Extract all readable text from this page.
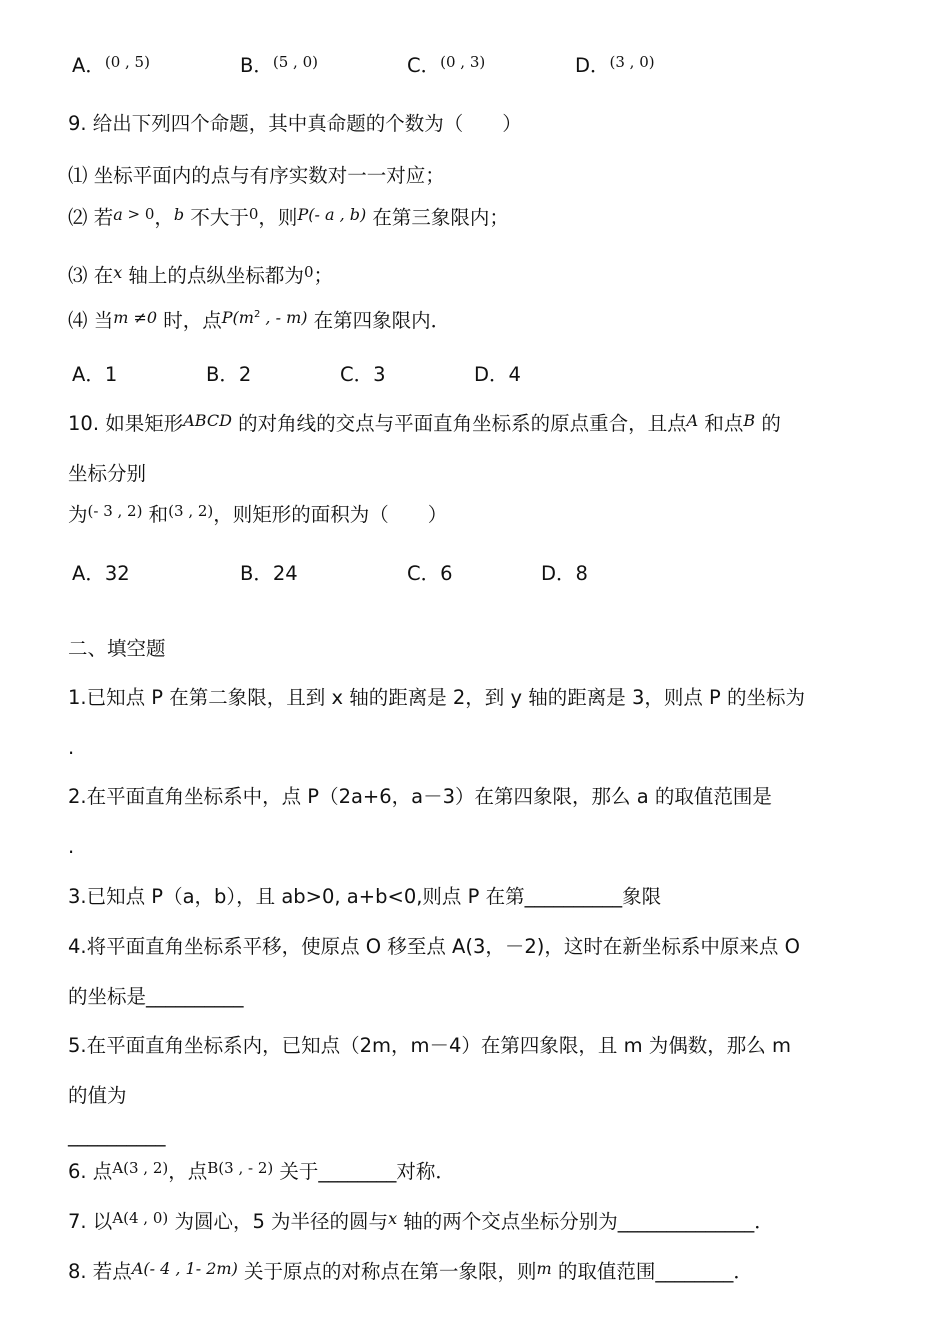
A．$^{(0 , 5)}$	B．$^{(5 , 0)}$	C．$^{(0 , 3)}$	D．$^{(3 , 0)}$
9. 给出下列四个命题，其中真命题的个数为（　　）
⑴ 坐标平面内的点与有序实数对一一对应；
⑵ 若$^a$ $^{> 0}$，$^b$ 不大于$^0$，则$^{P(- a , b)}$ 在第三象限内；
⑶ 在$^x$ 轴上的点纵坐标都为$^0$；
⑷ 当$^{m \ne 0}$ 时，点$^{P(m2}$ $^{, - m)}$ 在第四象限内．
A．1	B．2	C．3	D．4
10. 如果矩形$^{ABCD}$ 的对角线的交点与平面直角坐标系的原点重合，且点$^A$ 和点$^B$ 的
坐标分别
为$^{(- 3 , 2)}$ 和$^{(3 , 2)}$，则矩形的面积为（　　）
A．32	B．24	C．6	D．8
二、填空题
1.已知点 P 在第二象限，且到 x 轴的距离是 2，到 y 轴的距离是 3，则点 P 的坐标为
.
2.在平面直角坐标系中，点 P（2a+6，a－3）在第四象限，那么 a 的取值范围是
.
3.已知点 P（a，b），且 ab>0, a+b<0,则点 P 在第__________象限
4.将平面直角坐标系平移，使原点 O 移至点 A(3，－2)，这时在新坐标系中原来点 O
的坐标是__________
5.在平面直角坐标系内，已知点（2m，m－4）在第四象限，且 m 为偶数，那么 m
的值为
__________
6. 点$^{A(3 , 2)}$，点$^{B(3 , - 2)}$ 关于________对称．
7. 以$^{A(4 , 0)}$ 为圆心，5 为半径的圆与$^x$ 轴的两个交点坐标分别为______________．
8. 若点$^{A(- 4 , 1- 2m)}$ 关于原点的对称点在第一象限，则$^m$ 的取值范围________．
